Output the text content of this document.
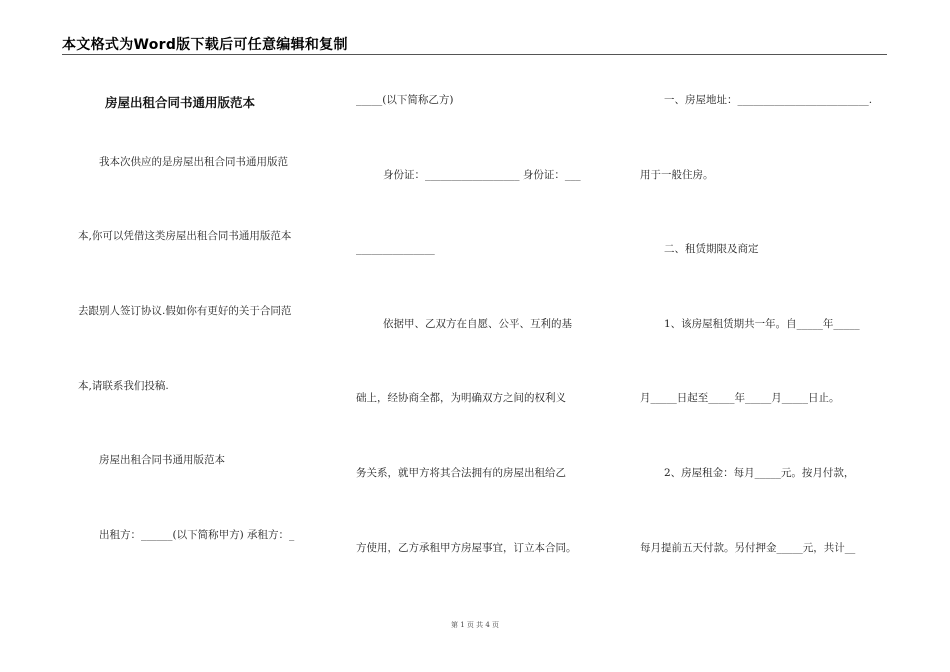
本文格式为Word版下载后可任意编辑和复制
房屋出租合同书通用版范本
我本次供应的是房屋出租合同书通用版范
本,你可以凭借这类房屋出租合同书通用版范本
去跟别人签订协议.假如你有更好的关于合同范
本,请联系我们投稿.
房屋出租合同书通用版范本
出租方：______(以下简称甲方) 承租方：_
_____(以下简称乙方)
身份证：__________________ 身份证：___
_______________
依据甲、乙双方在自愿、公平、互利的基
础上，经协商全都，为明确双方之间的权利义
务关系，就甲方将其合法拥有的房屋出租给乙
方使用，乙方承租甲方房屋事宜，订立本合同。
一、房屋地址：_________________________.
用于一般住房。
二、租赁期限及商定
1、该房屋租赁期共一年。自_____年_____
月_____日起至_____年_____月_____日止。
2、房屋租金：每月_____元。按月付款，
每月提前五天付款。另付押金_____元，共计__
第 1 页 共 4 页
